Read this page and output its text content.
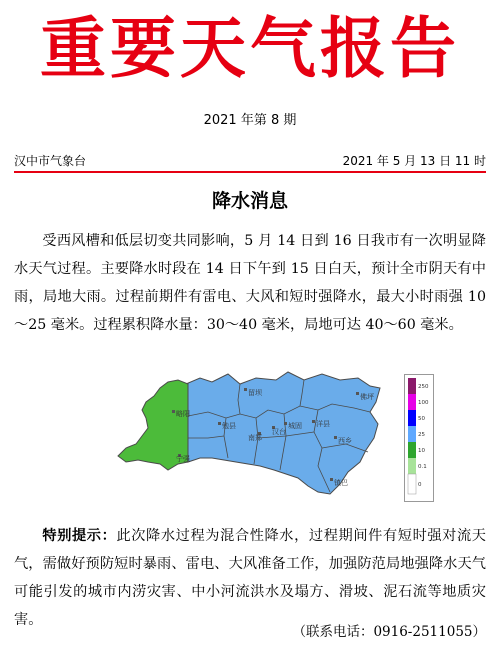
重要天气报告
2021 年第 8 期
汉中市气象台	2021 年 5 月 13 日 11 时
降水消息
受西风槽和低层切变共同影响，5 月 14 日到 16 日我市有一次明显降水天气过程。主要降水时段在 14 日下午到 15 日白天，预计全市阴天有中雨，局地大雨。过程前期件有雷电、大风和短时强降水，最大小时雨强 10～25 毫米。过程累积降水量：30～40 毫米，局地可达 40～60 毫米。
留坝	佛坪
略阳
勉县	城固 洋县
南郑
汉台
西乡
宁强
镇巴
250
100
50
25
10
0.1
0
特别提示：此次降水过程为混合性降水，过程期间件有短时强对流天气，需做好预防短时暴雨、雷电、大风准备工作，加强防范局地强降水天气可能引发的城市内涝灾害、中小河流洪水及塌方、滑坡、泥石流等地质灾害。
（联系电话：0916-2511055）
